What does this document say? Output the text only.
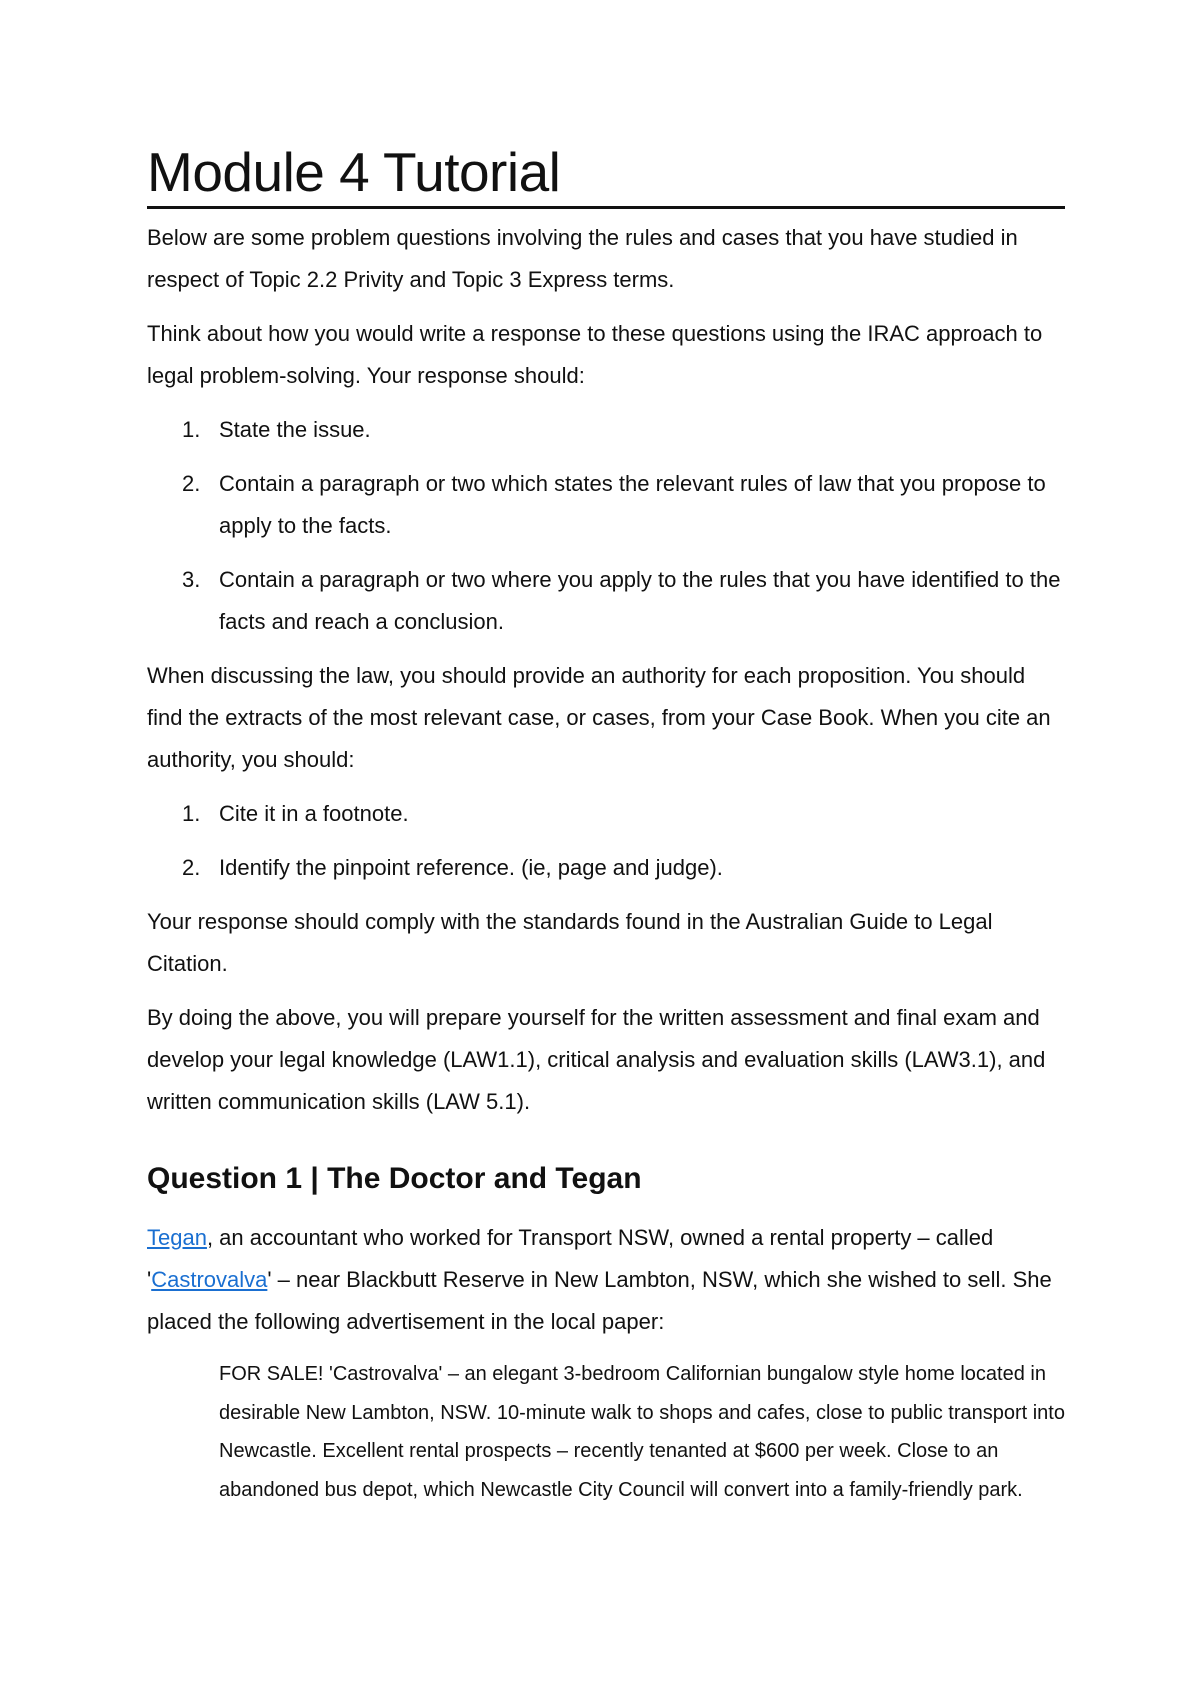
Module 4 Tutorial

Below are some problem questions involving the rules and cases that you have studied in respect of Topic 2.2 Privity and Topic 3 Express terms.

Think about how you would write a response to these questions using the IRAC approach to legal problem-solving. Your response should:

1. State the issue.
2. Contain a paragraph or two which states the relevant rules of law that you propose to apply to the facts.
3. Contain a paragraph or two where you apply to the rules that you have identified to the facts and reach a conclusion.

When discussing the law, you should provide an authority for each proposition. You should find the extracts of the most relevant case, or cases, from your Case Book. When you cite an authority, you should:

1. Cite it in a footnote.
2. Identify the pinpoint reference. (ie, page and judge).

Your response should comply with the standards found in the Australian Guide to Legal Citation.

By doing the above, you will prepare yourself for the written assessment and final exam and develop your legal knowledge (LAW1.1), critical analysis and evaluation skills (LAW3.1), and written communication skills (LAW 5.1).

Question 1 | The Doctor and Tegan

Tegan, an accountant who worked for Transport NSW, owned a rental property – called 'Castrovalva' – near Blackbutt Reserve in New Lambton, NSW, which she wished to sell. She placed the following advertisement in the local paper:

FOR SALE! 'Castrovalva' – an elegant 3-bedroom Californian bungalow style home located in desirable New Lambton, NSW. 10-minute walk to shops and cafes, close to public transport into Newcastle. Excellent rental prospects – recently tenanted at $600 per week. Close to an abandoned bus depot, which Newcastle City Council will convert into a family-friendly park.
